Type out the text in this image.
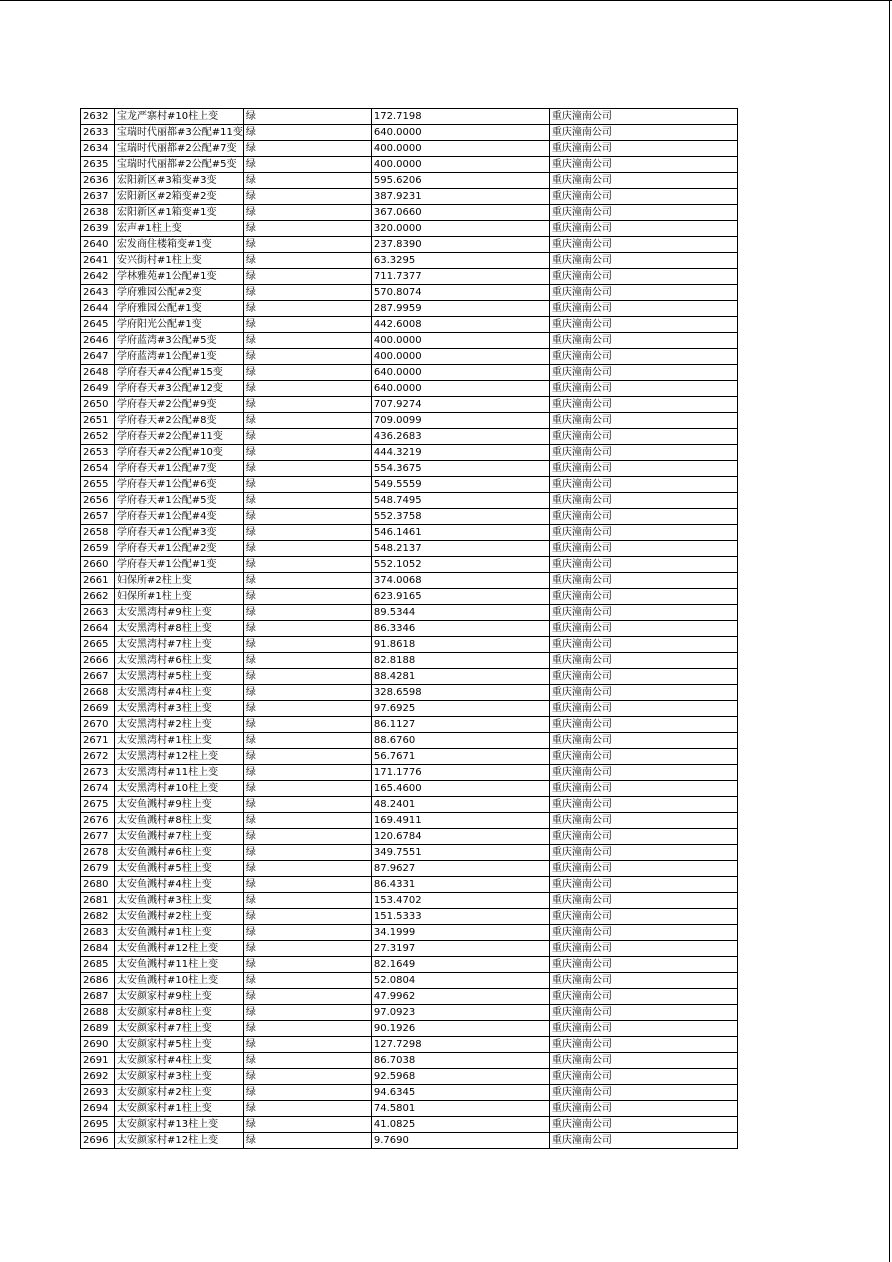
2632	宝龙严寨村#10柱上变	绿	172.7198	重庆潼南公司
2633	宝瑞时代丽都#3公配#11变	绿	640.0000	重庆潼南公司
2634	宝瑞时代丽都#2公配#7变	绿	400.0000	重庆潼南公司
2635	宝瑞时代丽都#2公配#5变	绿	400.0000	重庆潼南公司
2636	宏阳新区#3箱变#3变	绿	595.6206	重庆潼南公司
2637	宏阳新区#2箱变#2变	绿	387.9231	重庆潼南公司
2638	宏阳新区#1箱变#1变	绿	367.0660	重庆潼南公司
2639	宏声#1柱上变	绿	320.0000	重庆潼南公司
2640	宏发商住楼箱变#1变	绿	237.8390	重庆潼南公司
2641	安兴街村#1柱上变	绿	63.3295	重庆潼南公司
2642	学林雅苑#1公配#1变	绿	711.7377	重庆潼南公司
2643	学府雅园公配#2变	绿	570.8074	重庆潼南公司
2644	学府雅园公配#1变	绿	287.9959	重庆潼南公司
2645	学府阳光公配#1变	绿	442.6008	重庆潼南公司
2646	学府蓝湾#3公配#5变	绿	400.0000	重庆潼南公司
2647	学府蓝湾#1公配#1变	绿	400.0000	重庆潼南公司
2648	学府春天#4公配#15变	绿	640.0000	重庆潼南公司
2649	学府春天#3公配#12变	绿	640.0000	重庆潼南公司
2650	学府春天#2公配#9变	绿	707.9274	重庆潼南公司
2651	学府春天#2公配#8变	绿	709.0099	重庆潼南公司
2652	学府春天#2公配#11变	绿	436.2683	重庆潼南公司
2653	学府春天#2公配#10变	绿	444.3219	重庆潼南公司
2654	学府春天#1公配#7变	绿	554.3675	重庆潼南公司
2655	学府春天#1公配#6变	绿	549.5559	重庆潼南公司
2656	学府春天#1公配#5变	绿	548.7495	重庆潼南公司
2657	学府春天#1公配#4变	绿	552.3758	重庆潼南公司
2658	学府春天#1公配#3变	绿	546.1461	重庆潼南公司
2659	学府春天#1公配#2变	绿	548.2137	重庆潼南公司
2660	学府春天#1公配#1变	绿	552.1052	重庆潼南公司
2661	妇保所#2柱上变	绿	374.0068	重庆潼南公司
2662	妇保所#1柱上变	绿	623.9165	重庆潼南公司
2663	太安黑湾村#9柱上变	绿	89.5344	重庆潼南公司
2664	太安黑湾村#8柱上变	绿	86.3346	重庆潼南公司
2665	太安黑湾村#7柱上变	绿	91.8618	重庆潼南公司
2666	太安黑湾村#6柱上变	绿	82.8188	重庆潼南公司
2667	太安黑湾村#5柱上变	绿	88.4281	重庆潼南公司
2668	太安黑湾村#4柱上变	绿	328.6598	重庆潼南公司
2669	太安黑湾村#3柱上变	绿	97.6925	重庆潼南公司
2670	太安黑湾村#2柱上变	绿	86.1127	重庆潼南公司
2671	太安黑湾村#1柱上变	绿	88.6760	重庆潼南公司
2672	太安黑湾村#12柱上变	绿	56.7671	重庆潼南公司
2673	太安黑湾村#11柱上变	绿	171.1776	重庆潼南公司
2674	太安黑湾村#10柱上变	绿	165.4600	重庆潼南公司
2675	太安鱼溅村#9柱上变	绿	48.2401	重庆潼南公司
2676	太安鱼溅村#8柱上变	绿	169.4911	重庆潼南公司
2677	太安鱼溅村#7柱上变	绿	120.6784	重庆潼南公司
2678	太安鱼溅村#6柱上变	绿	349.7551	重庆潼南公司
2679	太安鱼溅村#5柱上变	绿	87.9627	重庆潼南公司
2680	太安鱼溅村#4柱上变	绿	86.4331	重庆潼南公司
2681	太安鱼溅村#3柱上变	绿	153.4702	重庆潼南公司
2682	太安鱼溅村#2柱上变	绿	151.5333	重庆潼南公司
2683	太安鱼溅村#1柱上变	绿	34.1999	重庆潼南公司
2684	太安鱼溅村#12柱上变	绿	27.3197	重庆潼南公司
2685	太安鱼溅村#11柱上变	绿	82.1649	重庆潼南公司
2686	太安鱼溅村#10柱上变	绿	52.0804	重庆潼南公司
2687	太安颜家村#9柱上变	绿	47.9962	重庆潼南公司
2688	太安颜家村#8柱上变	绿	97.0923	重庆潼南公司
2689	太安颜家村#7柱上变	绿	90.1926	重庆潼南公司
2690	太安颜家村#5柱上变	绿	127.7298	重庆潼南公司
2691	太安颜家村#4柱上变	绿	86.7038	重庆潼南公司
2692	太安颜家村#3柱上变	绿	92.5968	重庆潼南公司
2693	太安颜家村#2柱上变	绿	94.6345	重庆潼南公司
2694	太安颜家村#1柱上变	绿	74.5801	重庆潼南公司
2695	太安颜家村#13柱上变	绿	41.0825	重庆潼南公司
2696	太安颜家村#12柱上变	绿	9.7690	重庆潼南公司
